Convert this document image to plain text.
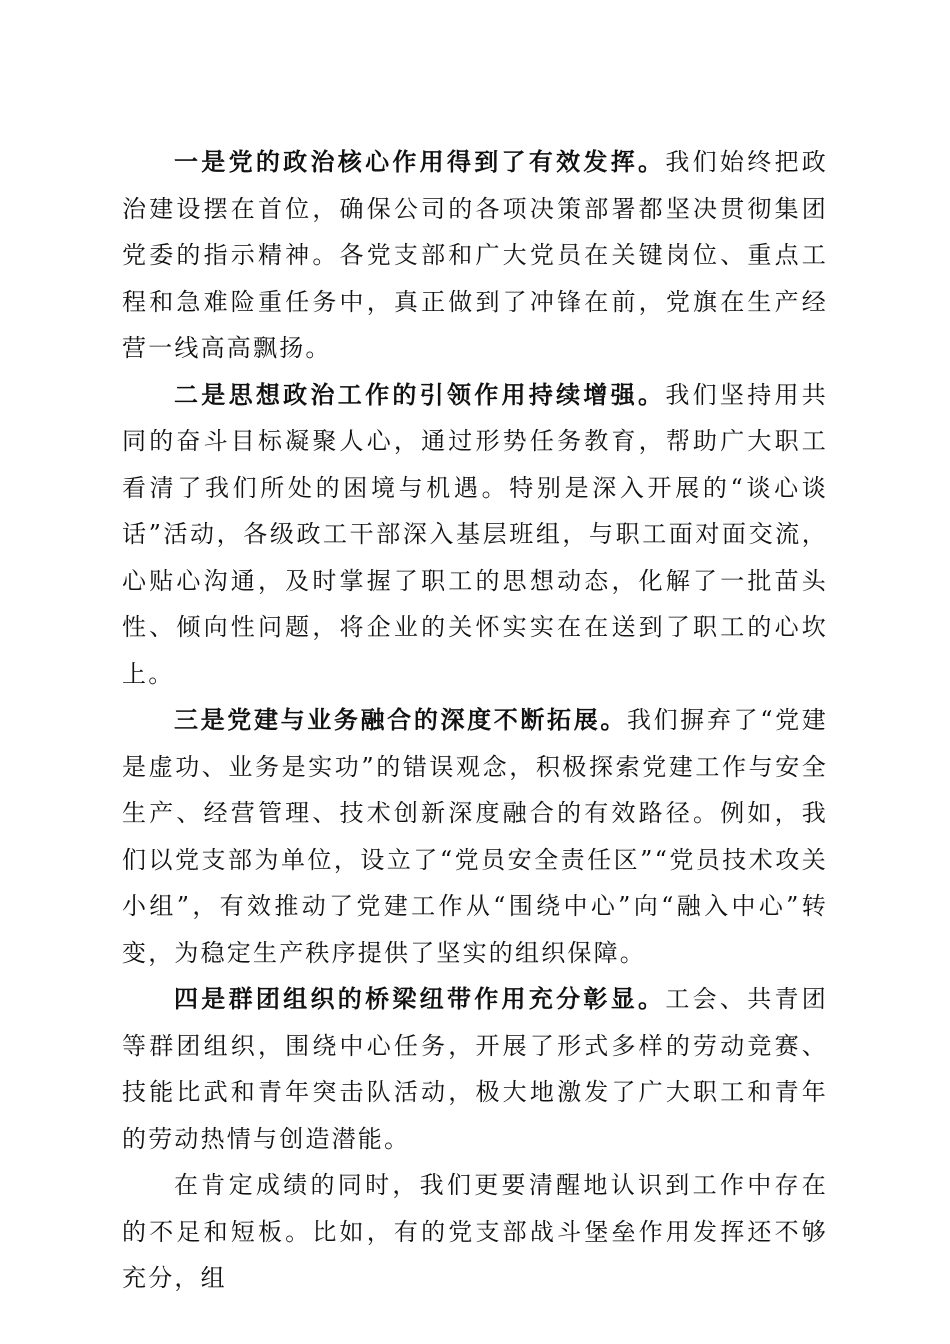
一是党的政治核心作用得到了有效发挥。我们始终把政治建设摆在首位，确保公司的各项决策部署都坚决贯彻集团党委的指示精神。各党支部和广大党员在关键岗位、重点工程和急难险重任务中，真正做到了冲锋在前，党旗在生产经营一线高高飘扬。

二是思想政治工作的引领作用持续增强。我们坚持用共同的奋斗目标凝聚人心，通过形势任务教育，帮助广大职工看清了我们所处的困境与机遇。特别是深入开展的“谈心谈话”活动，各级政工干部深入基层班组，与职工面对面交流，心贴心沟通，及时掌握了职工的思想动态，化解了一批苗头性、倾向性问题，将企业的关怀实实在在送到了职工的心坎上。

三是党建与业务融合的深度不断拓展。我们摒弃了“党建是虚功、业务是实功”的错误观念，积极探索党建工作与安全生产、经营管理、技术创新深度融合的有效路径。例如，我们以党支部为单位，设立了“党员安全责任区”“党员技术攻关小组”，有效推动了党建工作从“围绕中心”向“融入中心”转变，为稳定生产秩序提供了坚实的组织保障。

四是群团组织的桥梁纽带作用充分彰显。工会、共青团等群团组织，围绕中心任务，开展了形式多样的劳动竞赛、技能比武和青年突击队活动，极大地激发了广大职工和青年的劳动热情与创造潜能。

在肯定成绩的同时，我们更要清醒地认识到工作中存在的不足和短板。比如，有的党支部战斗堡垒作用发挥还不够充分，组
